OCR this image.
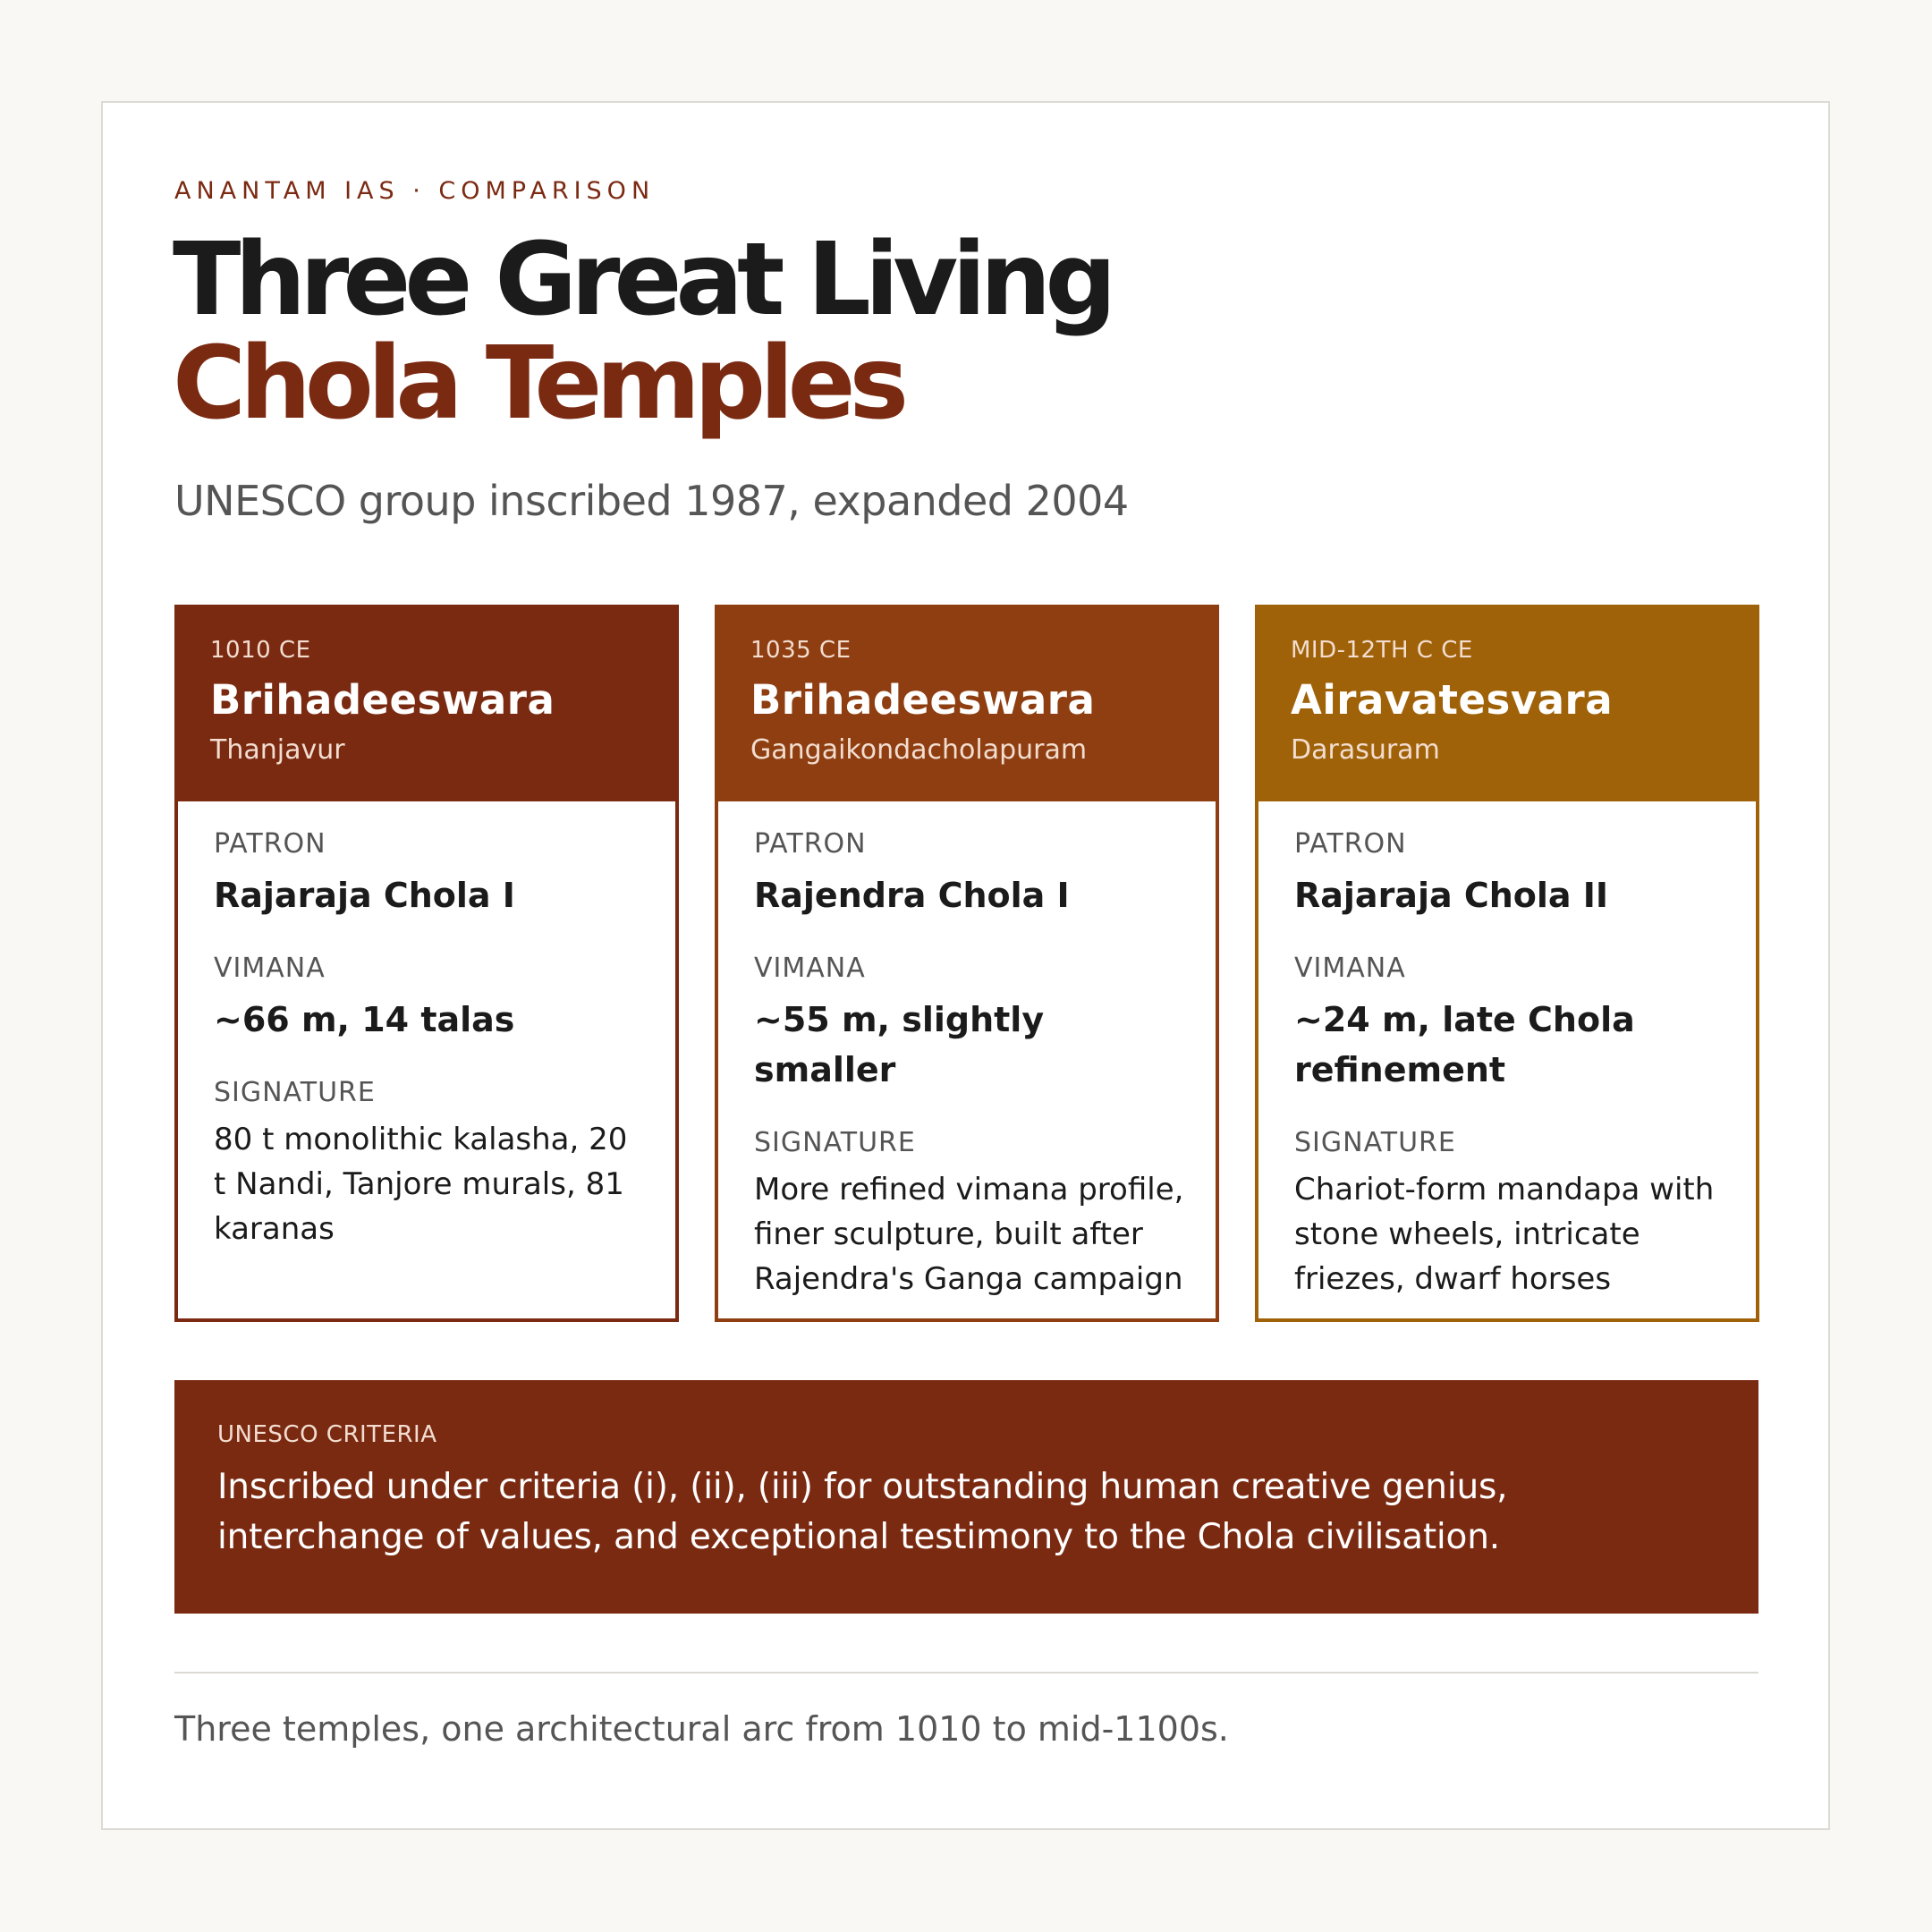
ANANTAM IAS · COMPARISON
Three Great Living
Chola Temples
UNESCO group inscribed 1987, expanded 2004
1010 CE
Brihadeeswara
Thanjavur
PATRON
Rajaraja Chola I
VIMANA
~66 m, 14 talas
SIGNATURE
80 t monolithic kalasha, 20 t Nandi, Tanjore murals, 81 karanas
1035 CE
Brihadeeswara
Gangaikondacholapuram
PATRON
Rajendra Chola I
VIMANA
~55 m, slightly smaller
SIGNATURE
More refined vimana profile, finer sculpture, built after Rajendra's Ganga campaign
MID-12TH C CE
Airavatesvara
Darasuram
PATRON
Rajaraja Chola II
VIMANA
~24 m, late Chola refinement
SIGNATURE
Chariot-form mandapa with stone wheels, intricate friezes, dwarf horses
UNESCO CRITERIA
Inscribed under criteria (i), (ii), (iii) for outstanding human creative genius, interchange of values, and exceptional testimony to the Chola civilisation.
Three temples, one architectural arc from 1010 to mid-1100s.
